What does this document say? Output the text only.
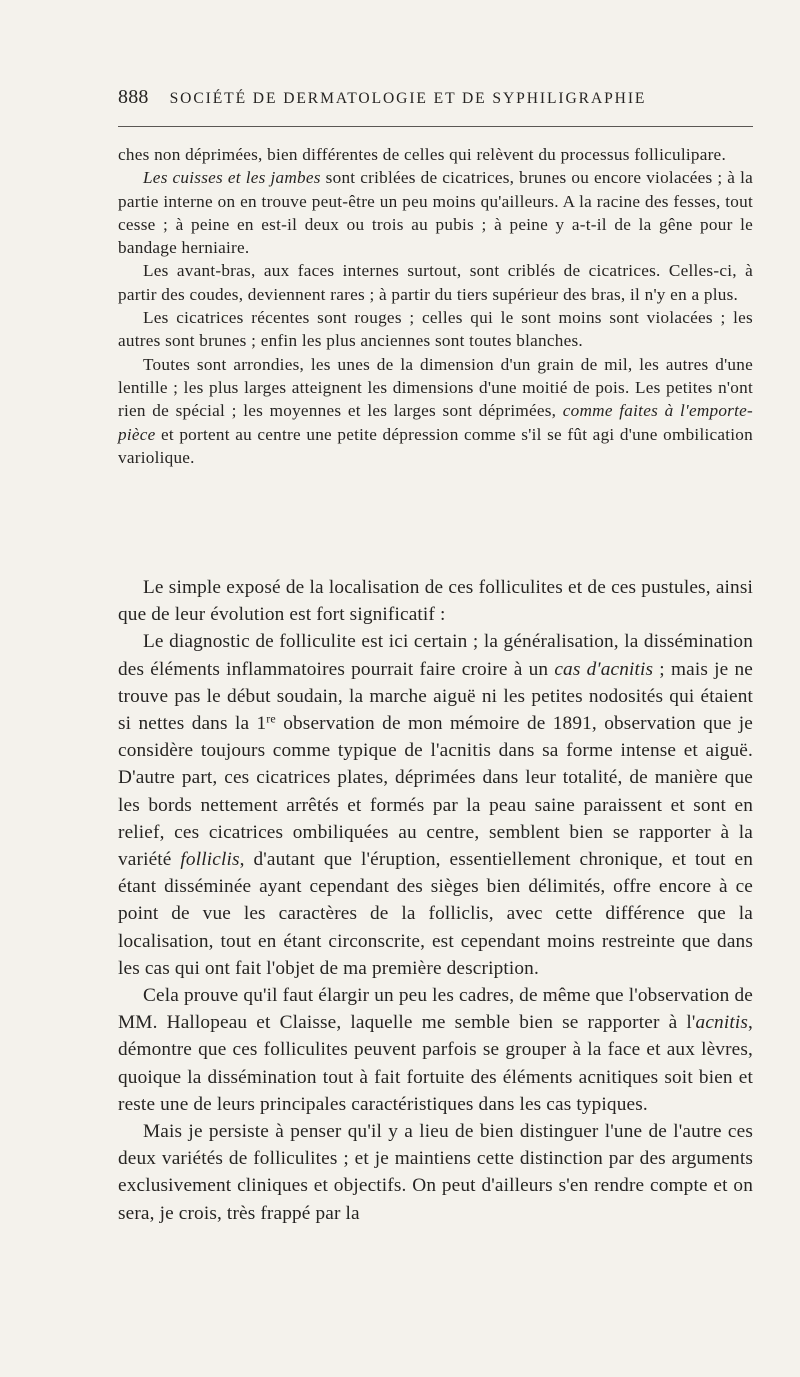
888 SOCIÉTÉ DE DERMATOLOGIE ET DE SYPHILIGRAPHIE

ches non déprimées, bien différentes de celles qui relèvent du processus folliculipare.

Les cuisses et les jambes sont criblées de cicatrices, brunes ou encore violacées ; à la partie interne on en trouve peut-être un peu moins qu'ailleurs. A la racine des fesses, tout cesse ; à peine en est-il deux ou trois au pubis ; à peine y a-t-il de la gêne pour le bandage herniaire.

Les avant-bras, aux faces internes surtout, sont criblés de cicatrices. Celles-ci, à partir des coudes, deviennent rares ; à partir du tiers supérieur des bras, il n'y en a plus.

Les cicatrices récentes sont rouges ; celles qui le sont moins sont violacées ; les autres sont brunes ; enfin les plus anciennes sont toutes blanches.

Toutes sont arrondies, les unes de la dimension d'un grain de mil, les autres d'une lentille ; les plus larges atteignent les dimensions d'une moitié de pois. Les petites n'ont rien de spécial ; les moyennes et les larges sont déprimées, comme faites à l'emporte-pièce et portent au centre une petite dépression comme s'il se fût agi d'une ombilication variolique.

Le simple exposé de la localisation de ces folliculites et de ces pustules, ainsi que de leur évolution est fort significatif :

Le diagnostic de folliculite est ici certain ; la généralisation, la dissémination des éléments inflammatoires pourrait faire croire à un cas d'acnitis ; mais je ne trouve pas le début soudain, la marche aiguë ni les petites nodosités qui étaient si nettes dans la 1re observation de mon mémoire de 1891, observation que je considère toujours comme typique de l'acnitis dans sa forme intense et aiguë. D'autre part, ces cicatrices plates, déprimées dans leur totalité, de manière que les bords nettement arrêtés et formés par la peau saine paraissent et sont en relief, ces cicatrices ombiliquées au centre, semblent bien se rapporter à la variété folliclis, d'autant que l'éruption, essentiellement chronique, et tout en étant disséminée ayant cependant des sièges bien délimités, offre encore à ce point de vue les caractères de la folliclis, avec cette différence que la localisation, tout en étant circonscrite, est cependant moins restreinte que dans les cas qui ont fait l'objet de ma première description.

Cela prouve qu'il faut élargir un peu les cadres, de même que l'observation de MM. Hallopeau et Claisse, laquelle me semble bien se rapporter à l'acnitis, démontre que ces folliculites peuvent parfois se grouper à la face et aux lèvres, quoique la dissémination tout à fait fortuite des éléments acnitiques soit bien et reste une de leurs principales caractéristiques dans les cas typiques.

Mais je persiste à penser qu'il y a lieu de bien distinguer l'une de l'autre ces deux variétés de folliculites ; et je maintiens cette distinction par des arguments exclusivement cliniques et objectifs. On peut d'ailleurs s'en rendre compte et on sera, je crois, très frappé par la
